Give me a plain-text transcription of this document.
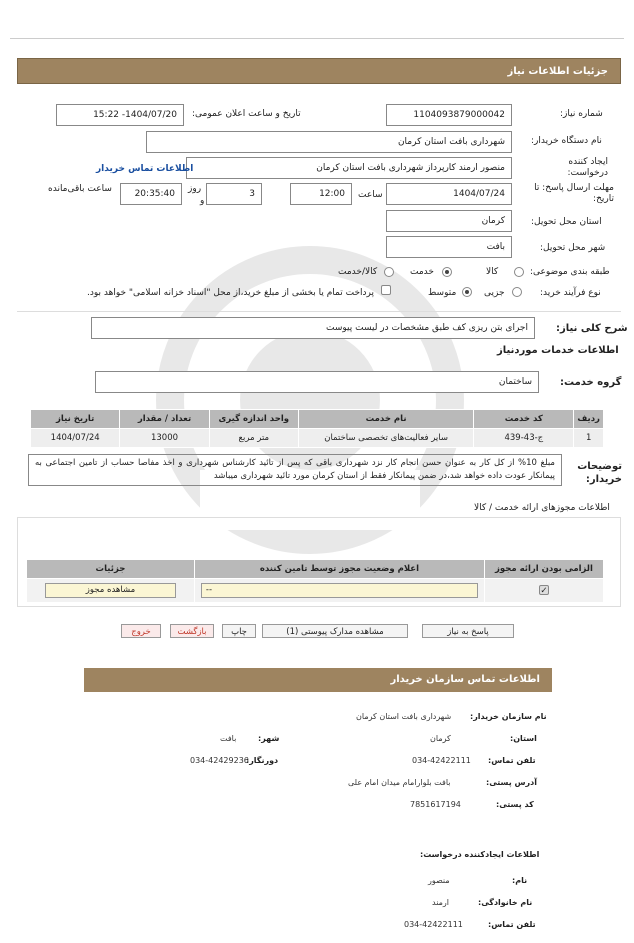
جزئیات اطلاعات نیاز
شماره نیاز:
1104093879000042
تاریخ و ساعت اعلان عمومی:
1404/07/20- 15:22
نام دستگاه خریدار:
شهرداری بافت استان کرمان
ایجاد کننده درخواست:
منصور ارمند کارپرداز شهرداری بافت استان کرمان
اطلاعات تماس خریدار
مهلت ارسال پاسخ: تا تاریخ:
1404/07/24
ساعت
12:00
3
روز
و
20:35:40
ساعت باقی‌مانده
استان محل تحویل:
کرمان
شهر محل تحویل:
بافت
طبقه بندی موضوعی:
کالا
خدمت
کالا/خدمت
نوع فرآیند خرید:
جزیی
متوسط
پرداخت تمام یا بخشی از مبلغ خرید،از محل "اسناد خزانه اسلامی" خواهد بود.
شرح کلی نیاز:
اجرای بتن ریزی کف طبق مشخصات در لیست پیوست
اطلاعات خدمات موردنیاز
گروه خدمت:
ساختمان
ردیف	کد خدمت	نام خدمت	واحد اندازه گیری	تعداد / مقدار	تاریخ نیاز
1	ج-43-439	سایر فعالیت‌های تخصصی ساختمان	متر مربع	13000	1404/07/24
توضیحات خریدار:
مبلغ 10% از کل کار به عنوان حسن انجام کار نزد شهرداری باقی که پس از تائید کارشناس شهرداری و اخذ مفاصا حساب از تامین اجتماعی به پیمانکار عودت داده خواهد شد،در ضمن پیمانکار فقط از استان کرمان مورد تائید شهرداری میباشد
اطلاعات مجوزهای ارائه خدمت / کالا
الزامی بودن ارائه مجوز	اعلام وضعیت مجوز توسط تامین کننده	جزئیات
✓	--	مشاهده مجوز
پاسخ به نیاز
مشاهده مدارک پیوستی (1)
چاپ
بازگشت
خروج
اطلاعات تماس سازمان خریدار
نام سازمان خریدار:
شهرداری بافت استان کرمان
استان:
کرمان
شهر:
بافت
تلفن تماس:
034-42422111
دورنگار:
034-42429236
آدرس پستی:
بافت بلوارامام میدان امام علی
کد پستی:
7851617194
اطلاعات ایجادکننده درخواست:
نام:
منصور
نام خانوادگی:
ارمند
تلفن تماس:
034-42422111
